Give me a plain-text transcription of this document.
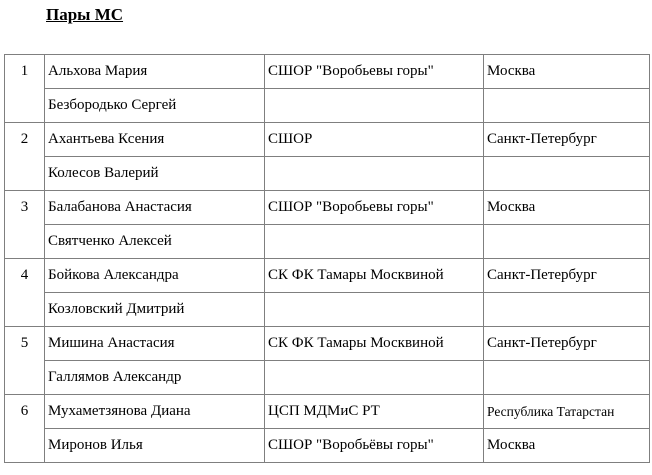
Пары МС
1	Альхова Мария	СШОР "Воробьевы горы"	Москва
	Безбородько Сергей		
2	Ахантьева Ксения	СШОР	Санкт-Петербург
	Колесов Валерий		
3	Балабанова Анастасия	СШОР "Воробьевы горы"	Москва
	Святченко Алексей		
4	Бойкова Александра	СК ФК Тамары Москвиной	Санкт-Петербург
	Козловский Дмитрий		
5	Мишина Анастасия	СК ФК Тамары Москвиной	Санкт-Петербург
	Галлямов Александр		
6	Мухаметзянова Диана	ЦСП МДМиС РТ	Республика Татарстан
	Миронов Илья	СШОР "Воробьёвы горы"	Москва
